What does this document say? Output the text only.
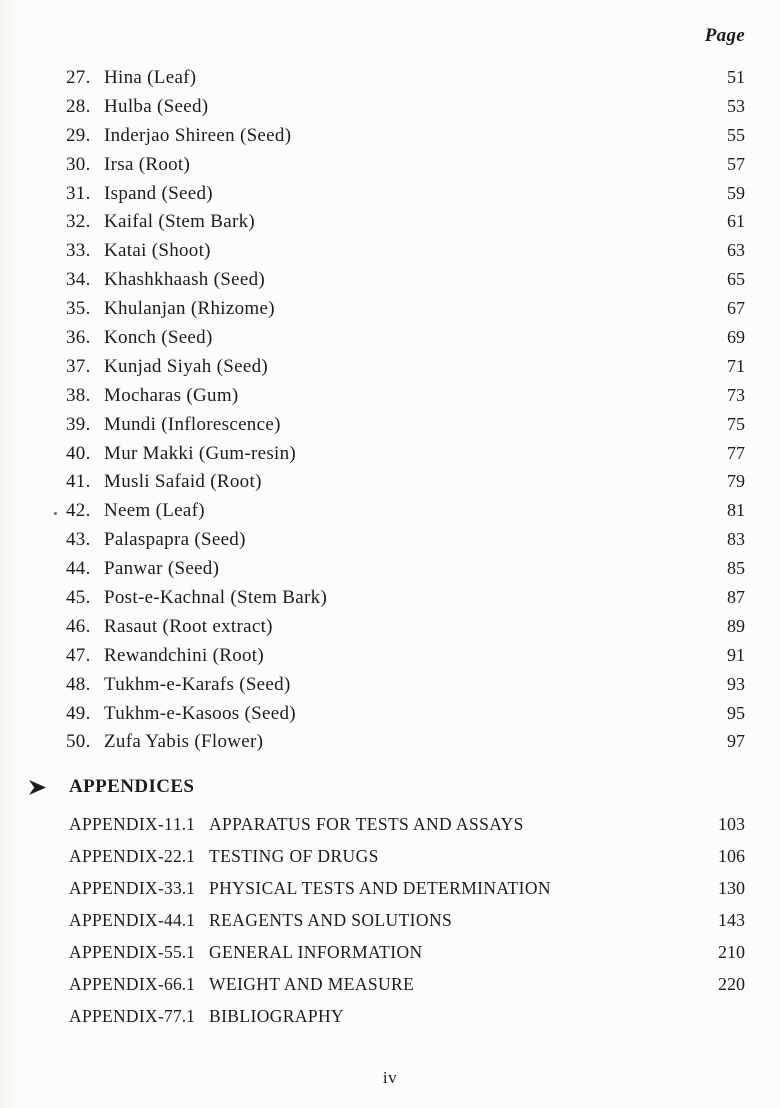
Page
27. Hina (Leaf)	51
28. Hulba (Seed)	53
29. Inderjao Shireen (Seed)	55
30. Irsa (Root)	57
31. Ispand (Seed)	59
32. Kaifal (Stem Bark)	61
33. Katai (Shoot)	63
34. Khashkhaash (Seed)	65
35. Khulanjan (Rhizome)	67
36. Konch (Seed)	69
37. Kunjad Siyah (Seed)	71
38. Mocharas (Gum)	73
39. Mundi (Inflorescence)	75
40. Mur Makki (Gum-resin)	77
41. Musli Safaid (Root)	79
42. Neem (Leaf)	81
43. Palaspapra (Seed)	83
44. Panwar (Seed)	85
45. Post-e-Kachnal (Stem Bark)	87
46. Rasaut (Root extract)	89
47. Rewandchini (Root)	91
48. Tukhm-e-Karafs (Seed)	93
49. Tukhm-e-Kasoos (Seed)	95
50. Zufa Yabis (Flower)	97
APPENDICES
APPENDIX-1 1.1 APPARATUS FOR TESTS AND ASSAYS	103
APPENDIX-2 2.1 TESTING OF DRUGS	106
APPENDIX-3 3.1 PHYSICAL TESTS AND DETERMINATION	130
APPENDIX-4 4.1 REAGENTS AND SOLUTIONS	143
APPENDIX-5 5.1 GENERAL INFORMATION	210
APPENDIX-6 6.1 WEIGHT AND MEASURE	220
APPENDIX-7 7.1 BIBLIOGRAPHY
iv
